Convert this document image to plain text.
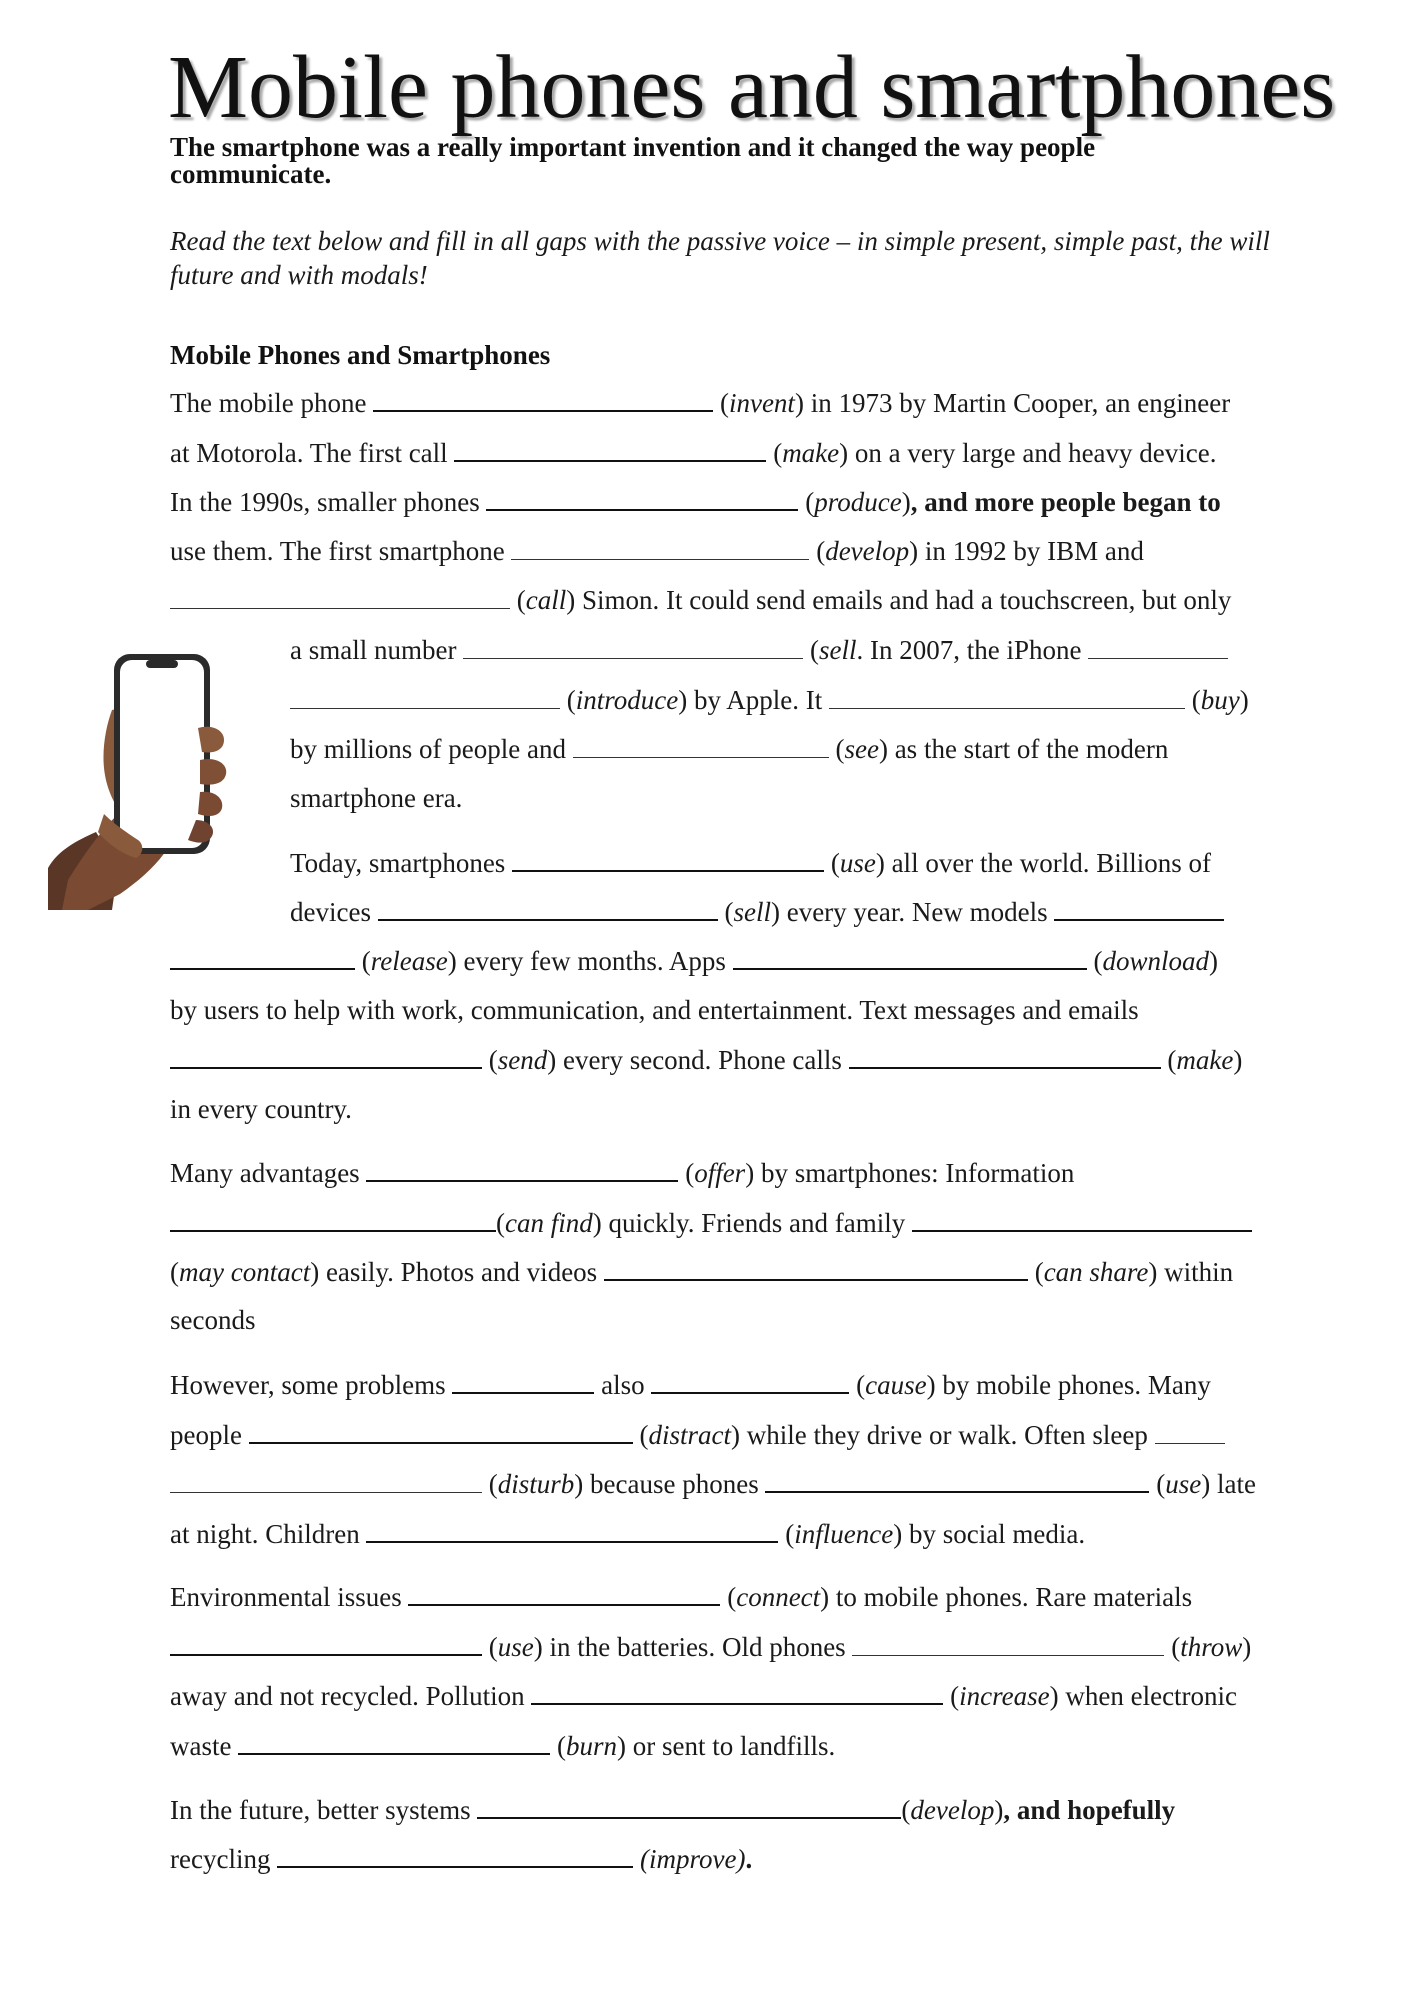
Mobile phones and smartphones
The smartphone was a really important invention and it changed the way people communicate.
Read the text below and fill in all gaps with the passive voice – in simple present, simple past, the will future and with modals!
Mobile Phones and Smartphones
The mobile phone	(invent) in 1973 by Martin Cooper, an engineer
at Motorola. The first call	(make) on a very large and heavy device.
In the 1990s, smaller phones	(produce), and more people began to
use them. The first smartphone	(develop) in 1992 by IBM and
(call) Simon. It could send emails and had a touchscreen, but only
a small number	(sell. In 2007, the iPhone
(introduce) by Apple. It	(buy)
by millions of people and	(see) as the start of the modern
smartphone era.
Today, smartphones	(use) all over the world. Billions of
devices	(sell) every year. New models
(release) every few months. Apps	(download)
by users to help with work, communication, and entertainment. Text messages and emails
(send) every second. Phone calls	(make)
in every country.
Many advantages	(offer) by smartphones: Information
(can find) quickly. Friends and family
(may contact) easily. Photos and videos	(can share) within
seconds
However, some problems	also	(cause) by mobile phones. Many
people	(distract) while they drive or walk. Often sleep
(disturb) because phones	(use) late
at night. Children	(influence) by social media.
Environmental issues	(connect) to mobile phones. Rare materials
(use) in the batteries. Old phones	(throw)
away and not recycled. Pollution	(increase) when electronic
waste	(burn) or sent to landfills.
In the future, better systems	(develop), and hopefully
recycling	(improve).
